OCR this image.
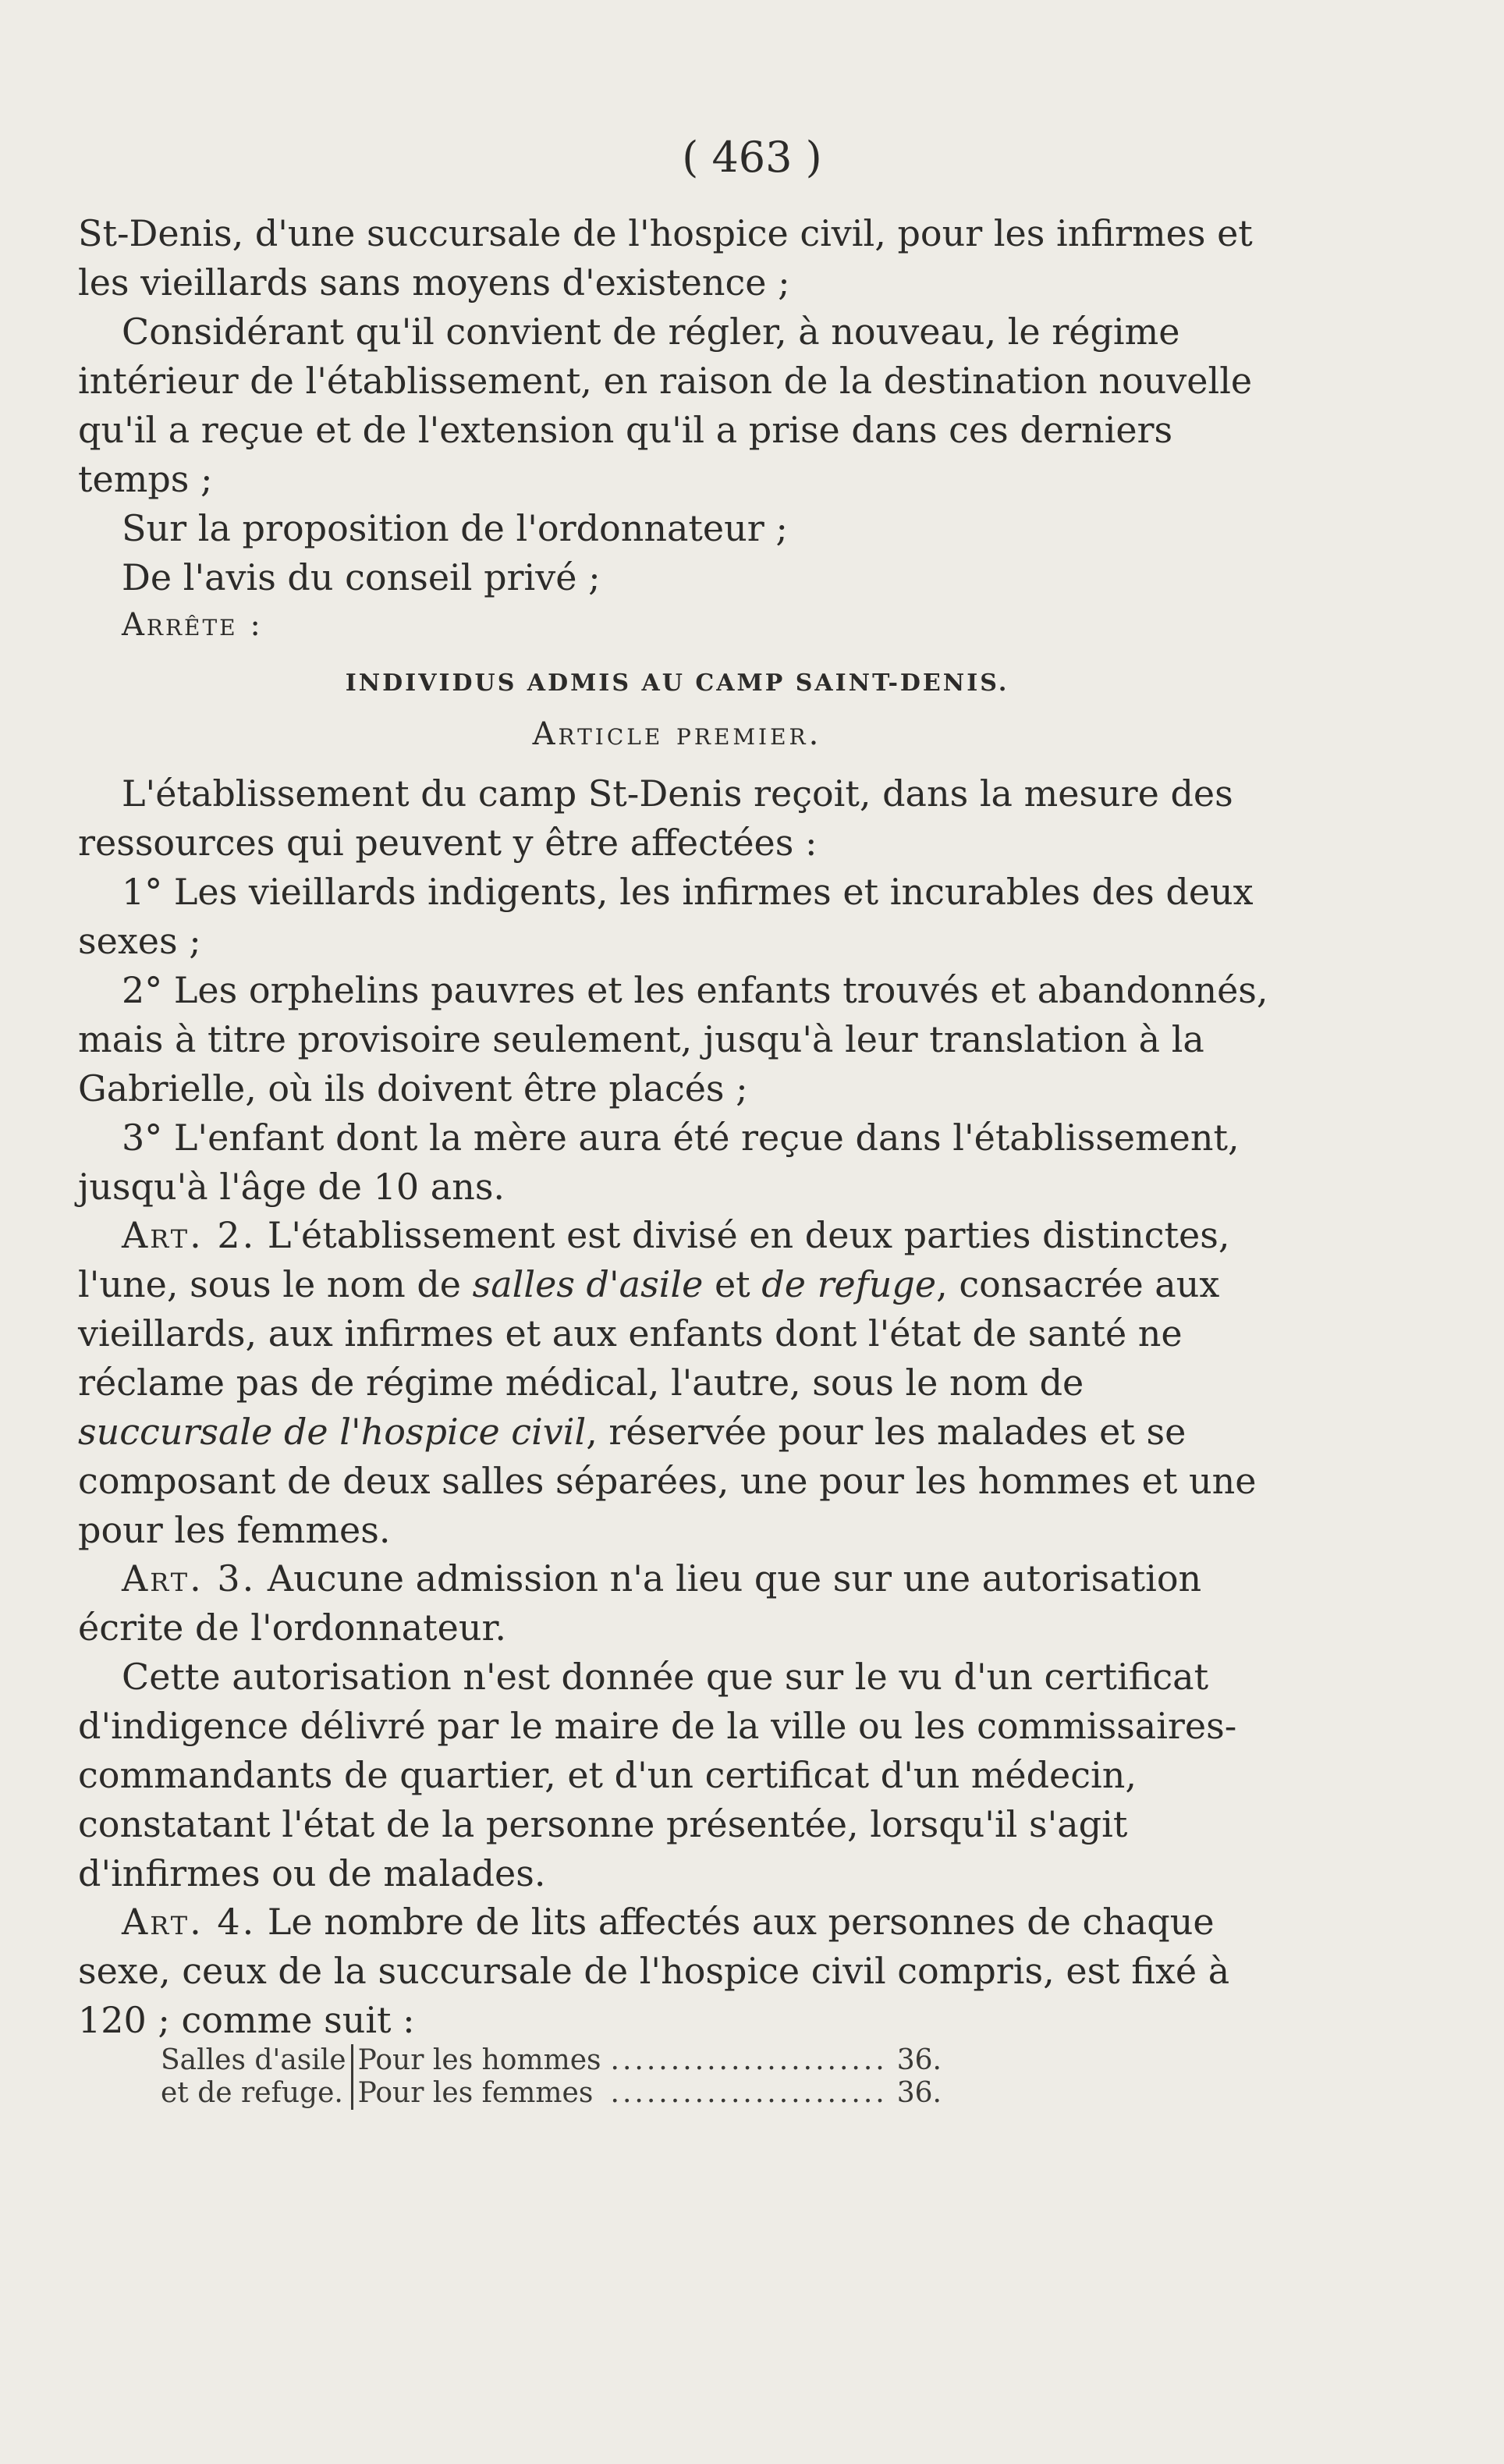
( 463 )

St-Denis, d'une succursale de l'hospice civil, pour les infirmes et les vieillards sans moyens d'existence ;

Considérant qu'il convient de régler, à nouveau, le régime intérieur de l'établissement, en raison de la destination nouvelle qu'il a reçue et de l'extension qu'il a prise dans ces derniers temps ;

Sur la proposition de l'ordonnateur ;

De l'avis du conseil privé ;

Arrête :
INDIVIDUS ADMIS AU CAMP SAINT-DENIS.
Article premier.

L'établissement du camp St-Denis reçoit, dans la mesure des ressources qui peuvent y être affectées :

1° Les vieillards indigents, les infirmes et incurables des deux sexes ;

2° Les orphelins pauvres et les enfants trouvés et abandonnés, mais à titre provisoire seulement, jusqu'à leur translation à la Gabrielle, où ils doivent être placés ;

3° L'enfant dont la mère aura été reçue dans l'établissement, jusqu'à l'âge de 10 ans.

Art. 2. L'établissement est divisé en deux parties distinctes, l'une, sous le nom de salles d'asile et de refuge, consacrée aux vieillards, aux infirmes et aux enfants dont l'état de santé ne réclame pas de régime médical, l'autre, sous le nom de succursale de l'hospice civil, réservée pour les malades et se composant de deux salles séparées, une pour les hommes et une pour les femmes.

Art. 3. Aucune admission n'a lieu que sur une autorisation écrite de l'ordonnateur.

Cette autorisation n'est donnée que sur le vu d'un certificat d'indigence délivré par le maire de la ville ou les commissaires-commandants de quartier, et d'un certificat d'un médecin, constatant l'état de la personne présentée, lorsqu'il s'agit d'infirmes ou de malades.

Art. 4. Le nombre de lits affectés aux personnes de chaque sexe, ceux de la succursale de l'hospice civil compris, est fixé à 120 ; comme suit :

Salles d'asile	Pour les hommes	.......................	36.
et de refuge.	Pour les femmes	.......................	36.
